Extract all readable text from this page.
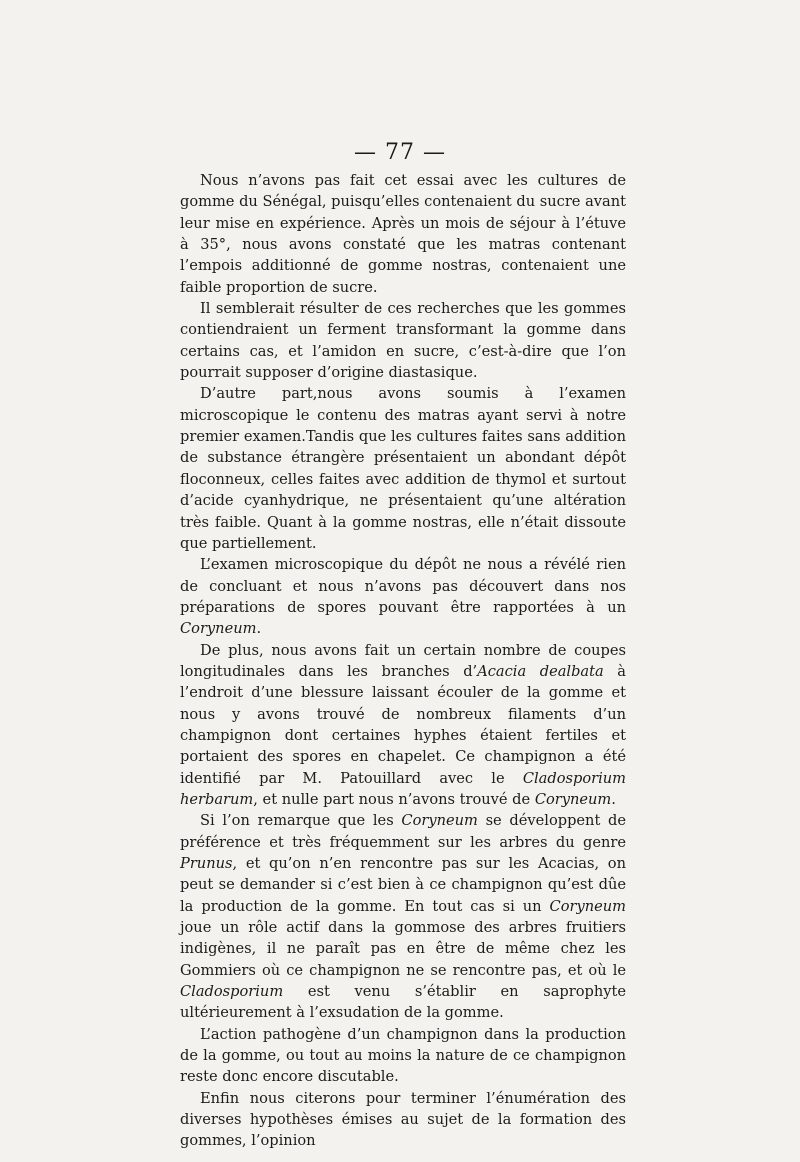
— 77 —

Nous n’avons pas fait cet essai avec les cultures de gomme du Sénégal, puisqu’elles contenaient du sucre avant leur mise en expérience. Après un mois de séjour à l’étuve à 35°, nous avons constaté que les matras contenant l’empois additionné de gomme nostras, contenaient une faible proportion de sucre.

Il semblerait résulter de ces recherches que les gommes contiendraient un ferment transformant la gomme dans certains cas, et l’amidon en sucre, c’est-à-dire que l’on pourrait supposer d’origine diastasique.

D’autre part,nous avons soumis à l’examen microscopique le contenu des matras ayant servi à notre premier examen.Tandis que les cultures faites sans addition de substance étrangère présentaient un abondant dépôt floconneux, celles faites avec addition de thymol et surtout d’acide cyanhydrique, ne présentaient qu’une altération très faible. Quant à la gomme nostras, elle n’était dissoute que partiellement.

L’examen microscopique du dépôt ne nous a révélé rien de concluant et nous n’avons pas découvert dans nos préparations de spores pouvant être rapportées à un Coryneum.

De plus, nous avons fait un certain nombre de coupes longitudinales dans les branches d’Acacia dealbata à l’endroit d’une blessure laissant écouler de la gomme et nous y avons trouvé de nombreux filaments d’un champignon dont certaines hyphes étaient fertiles et portaient des spores en chapelet. Ce champignon a été identifié par M. Patouillard avec le Cladosporium herbarum, et nulle part nous n’avons trouvé de Coryneum.

Si l’on remarque que les Coryneum se développent de préférence et très fréquemment sur les arbres du genre Prunus, et qu’on n’en rencontre pas sur les Acacias, on peut se demander si c’est bien à ce champignon qu’est dûe la production de la gomme. En tout cas si un Coryneum joue un rôle actif dans la gommose des arbres fruitiers indigènes, il ne paraît pas en être de même chez les Gommiers où ce champignon ne se rencontre pas, et où le Cladosporium est venu s’établir en saprophyte ultérieurement à l’exsudation de la gomme.

L’action pathogène d’un champignon dans la production de la gomme, ou tout au moins la nature de ce champignon reste donc encore discutable.

Enfin nous citerons pour terminer l’énumération des diverses hypothèses émises au sujet de la formation des gommes, l’opinion
